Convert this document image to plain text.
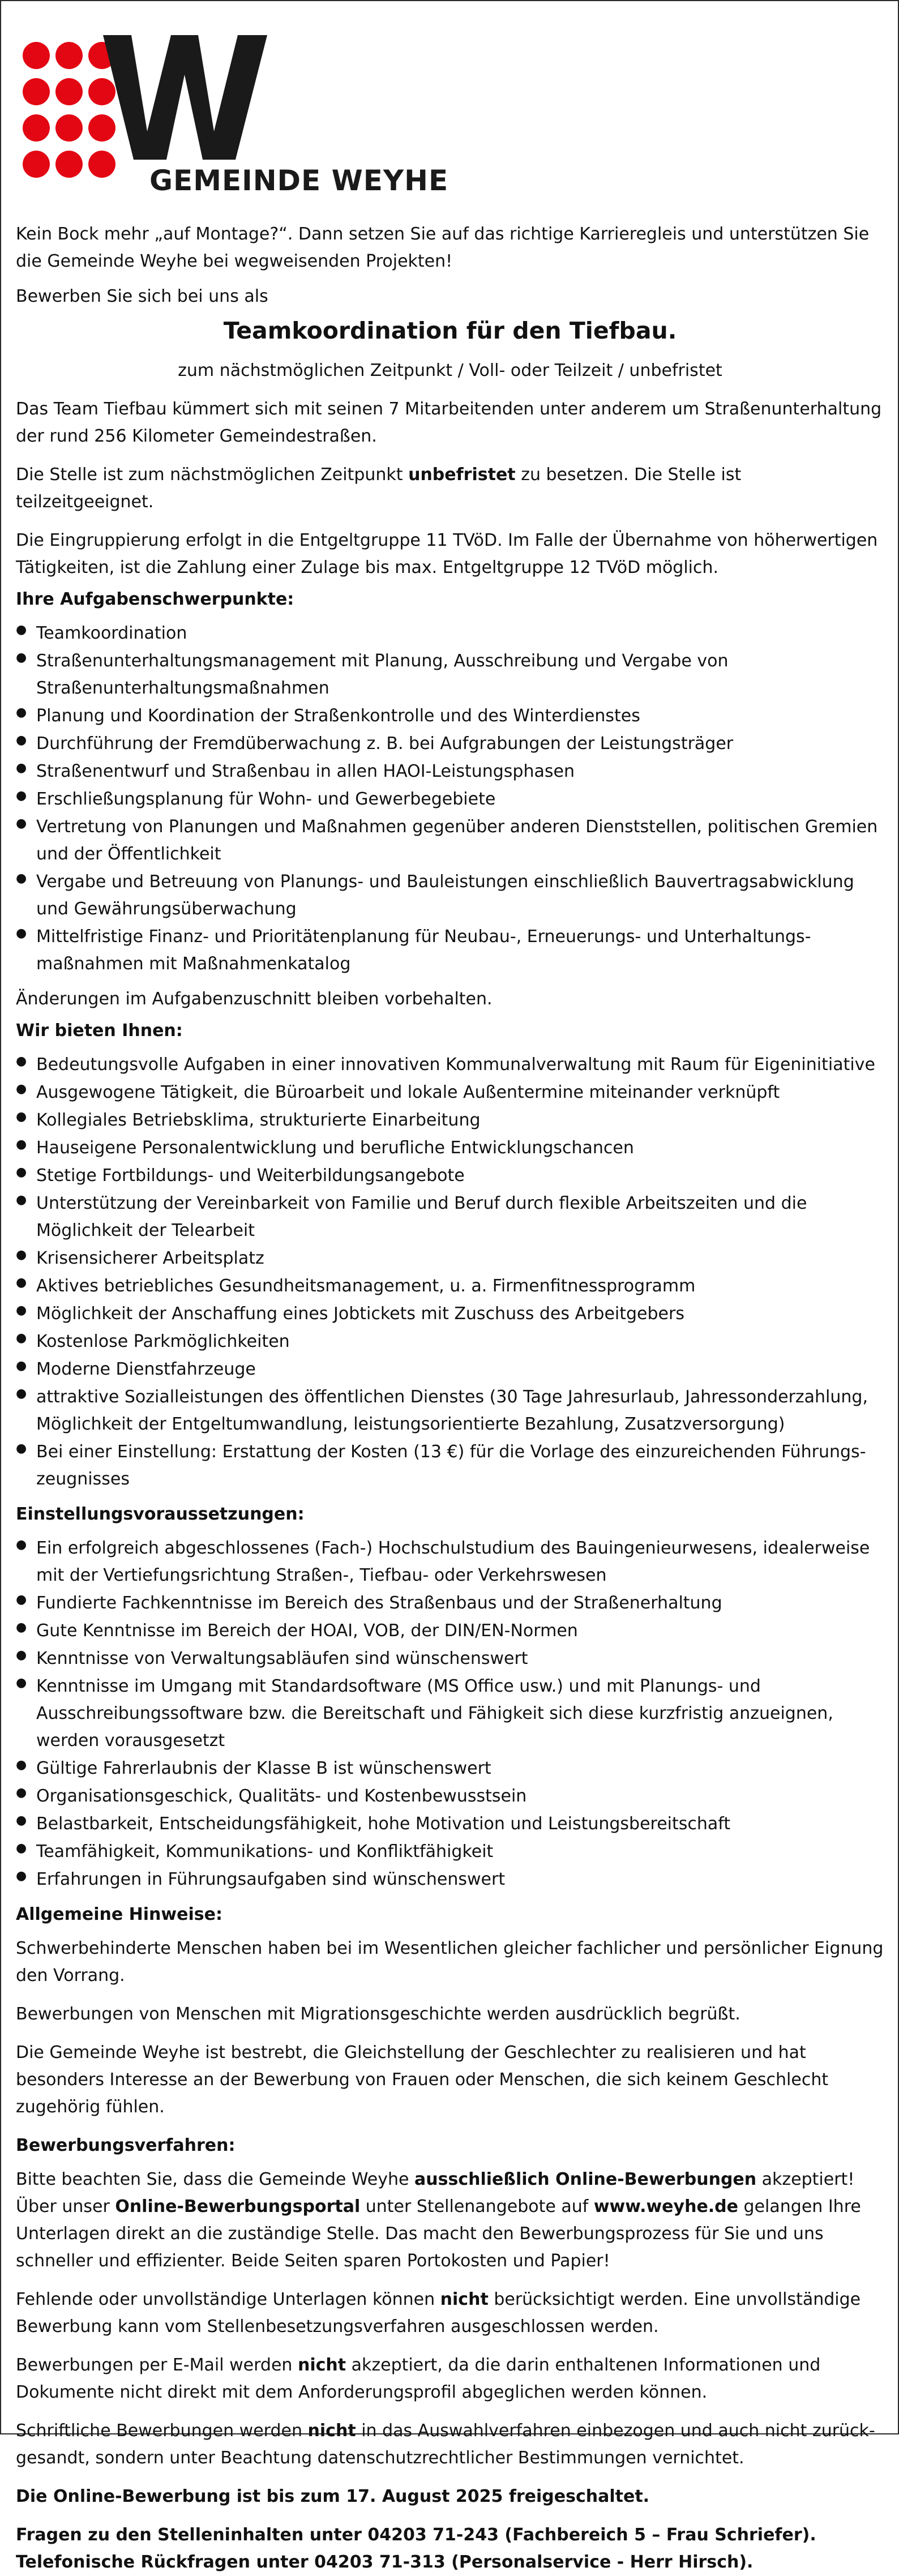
GEMEINDE WEYHE

Kein Bock mehr „auf Montage?“. Dann setzen Sie auf das richtige Karrieregleis und unterstützen Sie die Gemeinde Weyhe bei wegweisenden Projekten!

Bewerben Sie sich bei uns als

Teamkoordination für den Tiefbau.
zum nächstmöglichen Zeitpunkt / Voll- oder Teilzeit / unbefristet

Das Team Tiefbau kümmert sich mit seinen 7 Mitarbeitenden unter anderem um Straßenunterhaltung der rund 256 Kilometer Gemeindestraßen.

Die Stelle ist zum nächstmöglichen Zeitpunkt unbefristet zu besetzen. Die Stelle ist teilzeitgeeignet.

Die Eingruppierung erfolgt in die Entgeltgruppe 11 TVöD. Im Falle der Übernahme von höherwertigen Tätigkeiten, ist die Zahlung einer Zulage bis max. Entgeltgruppe 12 TVöD möglich.

Ihre Aufgabenschwerpunkte:
● Teamkoordination
● Straßenunterhaltungsmanagement mit Planung, Ausschreibung und Vergabe von Straßenunterhaltungsmaßnahmen
● Planung und Koordination der Straßenkontrolle und des Winterdienstes
● Durchführung der Fremdüberwachung z. B. bei Aufgrabungen der Leistungsträger
● Straßenentwurf und Straßenbau in allen HAOI-Leistungsphasen
● Erschließungsplanung für Wohn- und Gewerbegebiete
● Vertretung von Planungen und Maßnahmen gegenüber anderen Dienststellen, politischen Gremien und der Öffentlichkeit
● Vergabe und Betreuung von Planungs- und Bauleistungen einschließlich Bauvertragsabwicklung und Gewährungsüberwachung
● Mittelfristige Finanz- und Prioritätenplanung für Neubau-, Erneuerungs- und Unterhaltungsmaßnahmen mit Maßnahmenkatalog

Änderungen im Aufgabenzuschnitt bleiben vorbehalten.

Wir bieten Ihnen:
● Bedeutungsvolle Aufgaben in einer innovativen Kommunalverwaltung mit Raum für Eigeninitiative
● Ausgewogene Tätigkeit, die Büroarbeit und lokale Außentermine miteinander verknüpft
● Kollegiales Betriebsklima, strukturierte Einarbeitung
● Hauseigene Personalentwicklung und berufliche Entwicklungschancen
● Stetige Fortbildungs- und Weiterbildungsangebote
● Unterstützung der Vereinbarkeit von Familie und Beruf durch flexible Arbeitszeiten und die Möglichkeit der Telearbeit
● Krisensicherer Arbeitsplatz
● Aktives betriebliches Gesundheitsmanagement, u. a. Firmenfitnessprogramm
● Möglichkeit der Anschaffung eines Jobtickets mit Zuschuss des Arbeitgebers
● Kostenlose Parkmöglichkeiten
● Moderne Dienstfahrzeuge
● attraktive Sozialleistungen des öffentlichen Dienstes (30 Tage Jahresurlaub, Jahressonderzahlung, Möglichkeit der Entgeltumwandlung, leistungsorientierte Bezahlung, Zusatzversorgung)
● Bei einer Einstellung: Erstattung der Kosten (13 €) für die Vorlage des einzureichenden Führungszeugnisses
Einstellungsvoraussetzungen:
● Ein erfolgreich abgeschlossenes (Fach-) Hochschulstudium des Bauingenieurwesens, idealerweise mit der Vertiefungsrichtung Straßen-, Tiefbau- oder Verkehrswesen
● Fundierte Fachkenntnisse im Bereich des Straßenbaus und der Straßenerhaltung
● Gute Kenntnisse im Bereich der HOAI, VOB, der DIN/EN-Normen
● Kenntnisse von Verwaltungsabläufen sind wünschenswert
● Kenntnisse im Umgang mit Standardsoftware (MS Office usw.) und mit Planungs- und Ausschreibungssoftware bzw. die Bereitschaft und Fähigkeit sich diese kurzfristig anzueignen, werden vorausgesetzt
● Gültige Fahrerlaubnis der Klasse B ist wünschenswert
● Organisationsgeschick, Qualitäts- und Kostenbewusstsein
● Belastbarkeit, Entscheidungsfähigkeit, hohe Motivation und Leistungsbereitschaft
● Teamfähigkeit, Kommunikations- und Konfliktfähigkeit
● Erfahrungen in Führungsaufgaben sind wünschenswert
Allgemeine Hinweise:

Schwerbehinderte Menschen haben bei im Wesentlichen gleicher fachlicher und persönlicher Eignung den Vorrang.

Bewerbungen von Menschen mit Migrationsgeschichte werden ausdrücklich begrüßt.

Die Gemeinde Weyhe ist bestrebt, die Gleichstellung der Geschlechter zu realisieren und hat besonders Interesse an der Bewerbung von Frauen oder Menschen, die sich keinem Geschlecht zugehörig fühlen.

Bewerbungsverfahren:

Bitte beachten Sie, dass die Gemeinde Weyhe ausschließlich Online-Bewerbungen akzeptiert! Über unser Online-Bewerbungsportal unter Stellenangebote auf www.weyhe.de gelangen Ihre Unterlagen direkt an die zuständige Stelle. Das macht den Bewerbungsprozess für Sie und uns schneller und effizienter. Beide Seiten sparen Portokosten und Papier!

Fehlende oder unvollständige Unterlagen können nicht berücksichtigt werden. Eine unvollständige Bewerbung kann vom Stellenbesetzungsverfahren ausgeschlossen werden.

Bewerbungen per E-Mail werden nicht akzeptiert, da die darin enthaltenen Informationen und Dokumente nicht direkt mit dem Anforderungsprofil abgeglichen werden können.

Schriftliche Bewerbungen werden nicht in das Auswahlverfahren einbezogen und auch nicht zurückgesandt, sondern unter Beachtung datenschutzrechtlicher Bestimmungen vernichtet.

Die Online-Bewerbung ist bis zum 17. August 2025 freigeschaltet.

Fragen zu den Stelleninhalten unter 04203 71-243 (Fachbereich 5 – Frau Schriefer).
Telefonische Rückfragen unter 04203 71-313 (Personalservice - Herr Hirsch).
